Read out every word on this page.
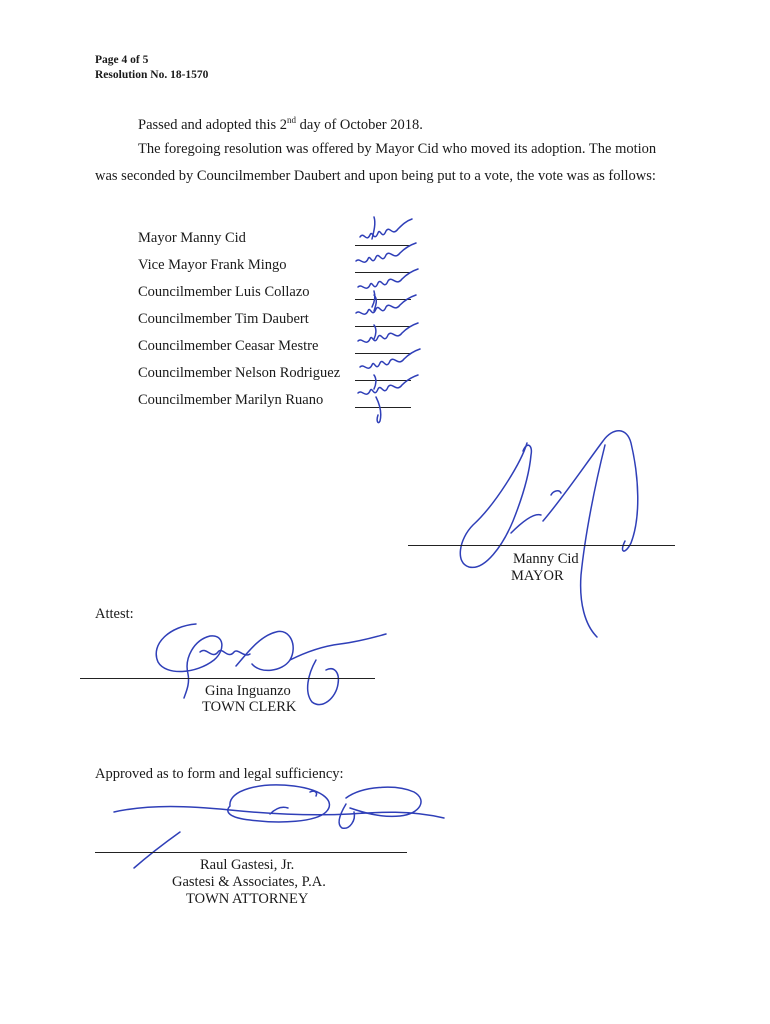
Page 4 of 5
Resolution No. 18-1570
Passed and adopted this 2nd day of October 2018.
The foregoing resolution was offered by Mayor Cid who moved its adoption. The motion
was seconded by Councilmember Daubert and upon being put to a vote, the vote was as follows:
Mayor Manny Cid
Vice Mayor Frank Mingo
Councilmember Luis Collazo
Councilmember Tim Daubert
Councilmember Ceasar Mestre
Councilmember Nelson Rodriguez
Councilmember Marilyn Ruano
Manny Cid
MAYOR
Attest:
Gina Inguanzo
TOWN CLERK
Approved as to form and legal sufficiency:
Raul Gastesi, Jr.
Gastesi & Associates, P.A.
TOWN ATTORNEY
